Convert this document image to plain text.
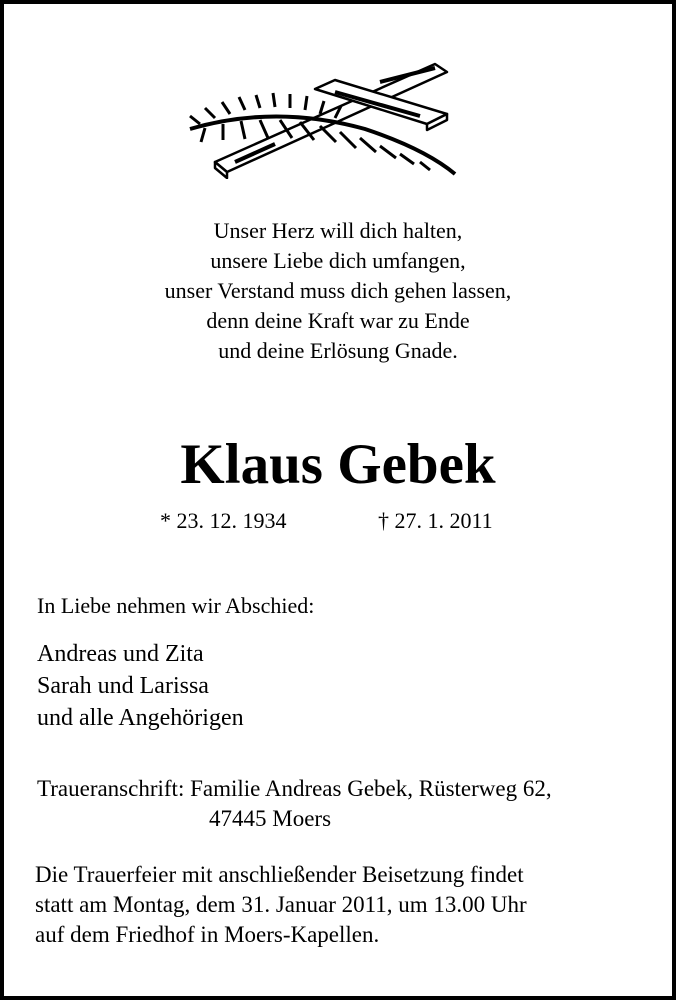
Unser Herz will dich halten,
unsere Liebe dich umfangen,
unser Verstand muss dich gehen lassen,
denn deine Kraft war zu Ende
und deine Erlösung Gnade.
Klaus Gebek
* 23. 12. 1934	† 27. 1. 2011
In Liebe nehmen wir Abschied:
Andreas und Zita
Sarah und Larissa
und alle Angehörigen
Traueranschrift: Familie Andreas Gebek, Rüsterweg 62,
47445 Moers
Die Trauerfeier mit anschließender Beisetzung findet
statt am Montag, dem 31. Januar 2011, um 13.00 Uhr
auf dem Friedhof in Moers-Kapellen.
